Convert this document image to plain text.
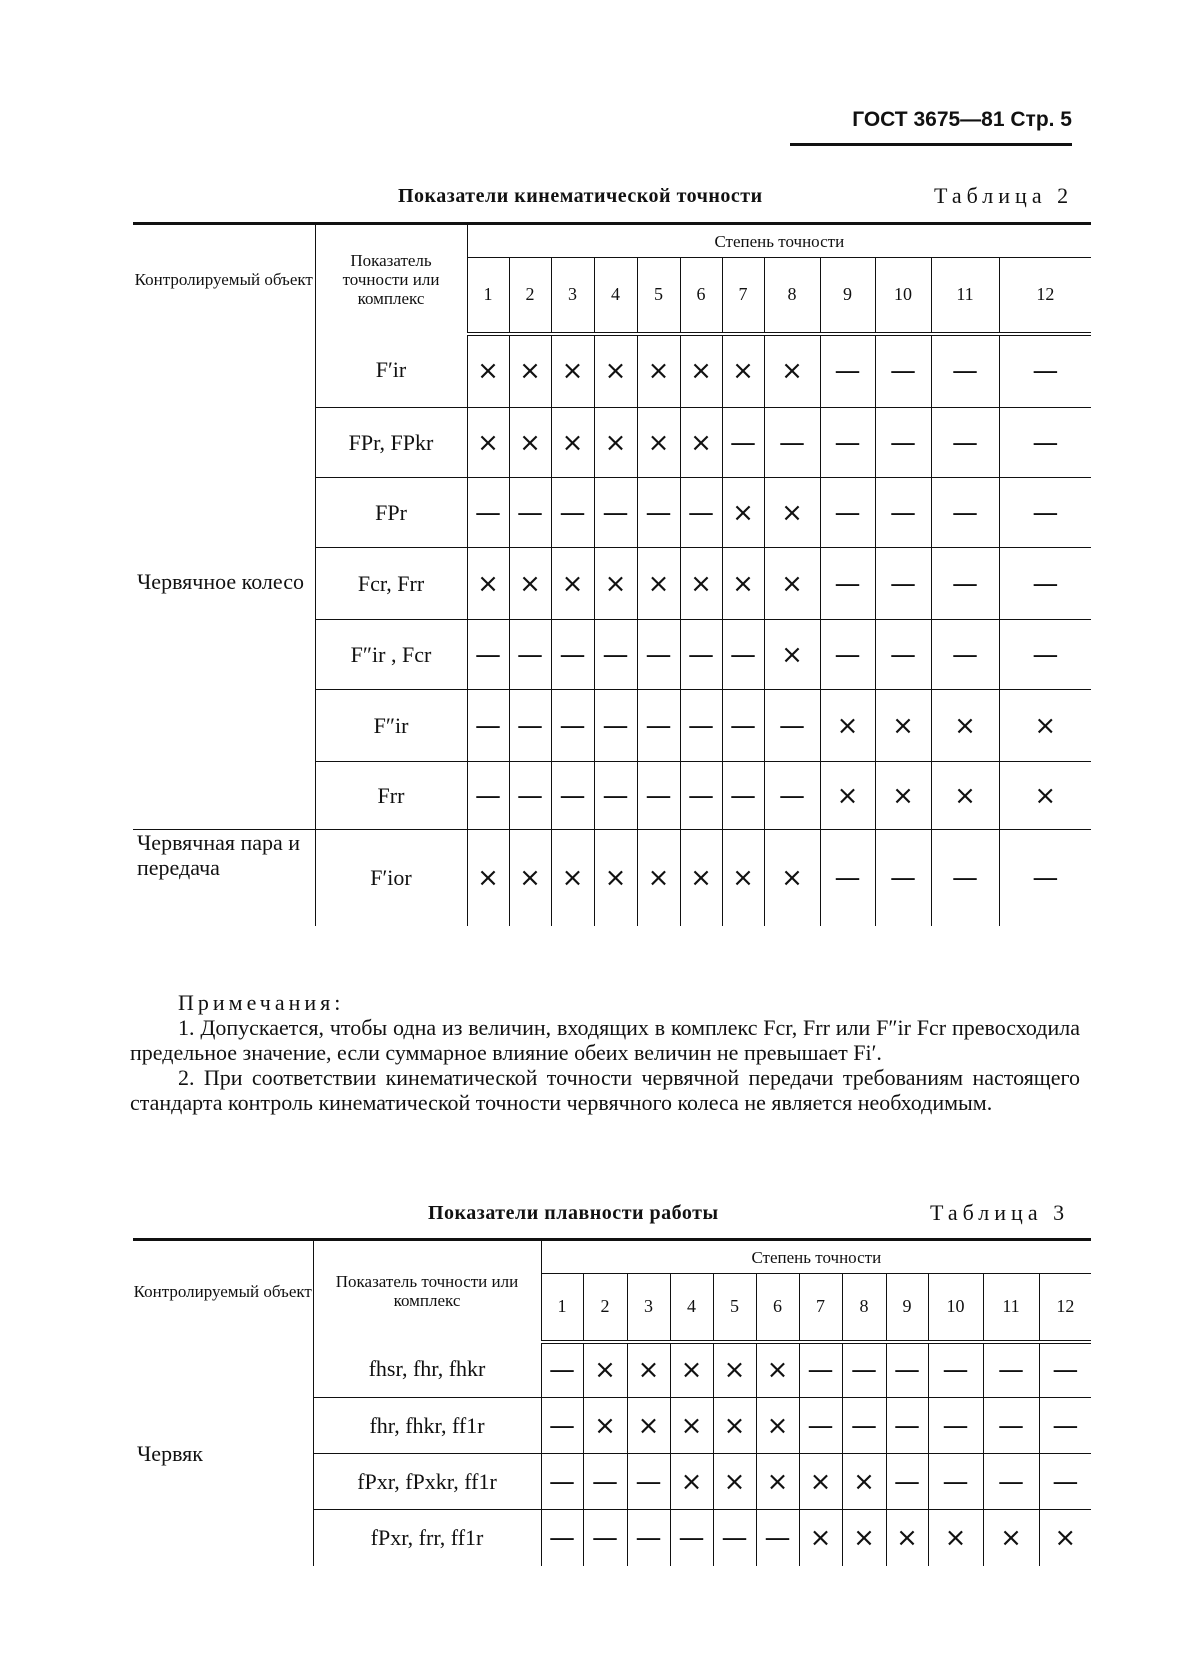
ГОСТ 3675—81 Стр. 5
Показатели кинематической точности	Таблица 2
Контролируемый объект	Показатель точности или комплекс	Степень точности											
		1	2	3	4	5	6	7	8	9	10	11	12
Червячное колесо	F′ir	×	×	×	×	×	×	×	×	—	—	—	—
	FPr, FPkr	×	×	×	×	×	×	—	—	—	—	—	—
	FPr	—	—	—	—	—	—	×	×	—	—	—	—
	Fcr, Frr	×	×	×	×	×	×	×	×	—	—	—	—
	F″ir , Fcr	—	—	—	—	—	—	—	×	—	—	—	—
	F″ir	—	—	—	—	—	—	—	—	×	×	×	×
	Frr	—	—	—	—	—	—	—	—	×	×	×	×
Червячная пара и передача	F′ior	×	×	×	×	×	×	×	×	—	—	—	—

Примечания:

1. Допускается, чтобы одна из величин, входящих в комплекс Fcr, Frr или F″ir Fcr превосходила предельное значение, если суммарное влияние обеих величин не превышает Fi′.

2. При соответствии кинематической точности червячной передачи требованиям настоящего стандарта контроль кинематической точности червячного колеса не является необходимым.

Показатели плавности работы	Таблица 3
Контролируемый объект	Показатель точности или комплекс	Степень точности											
		1	2	3	4	5	6	7	8	9	10	11	12
Червяк	fhsr, fhr, fhkr	—	×	×	×	×	×	—	—	—	—	—	—
	fhr, fhkr, ff1r	—	×	×	×	×	×	—	—	—	—	—	—
	fPxr, fPxkr, ff1r	—	—	—	×	×	×	×	×	—	—	—	—
	fPxr, frr, ff1r	—	—	—	—	—	—	×	×	×	×	×	×
